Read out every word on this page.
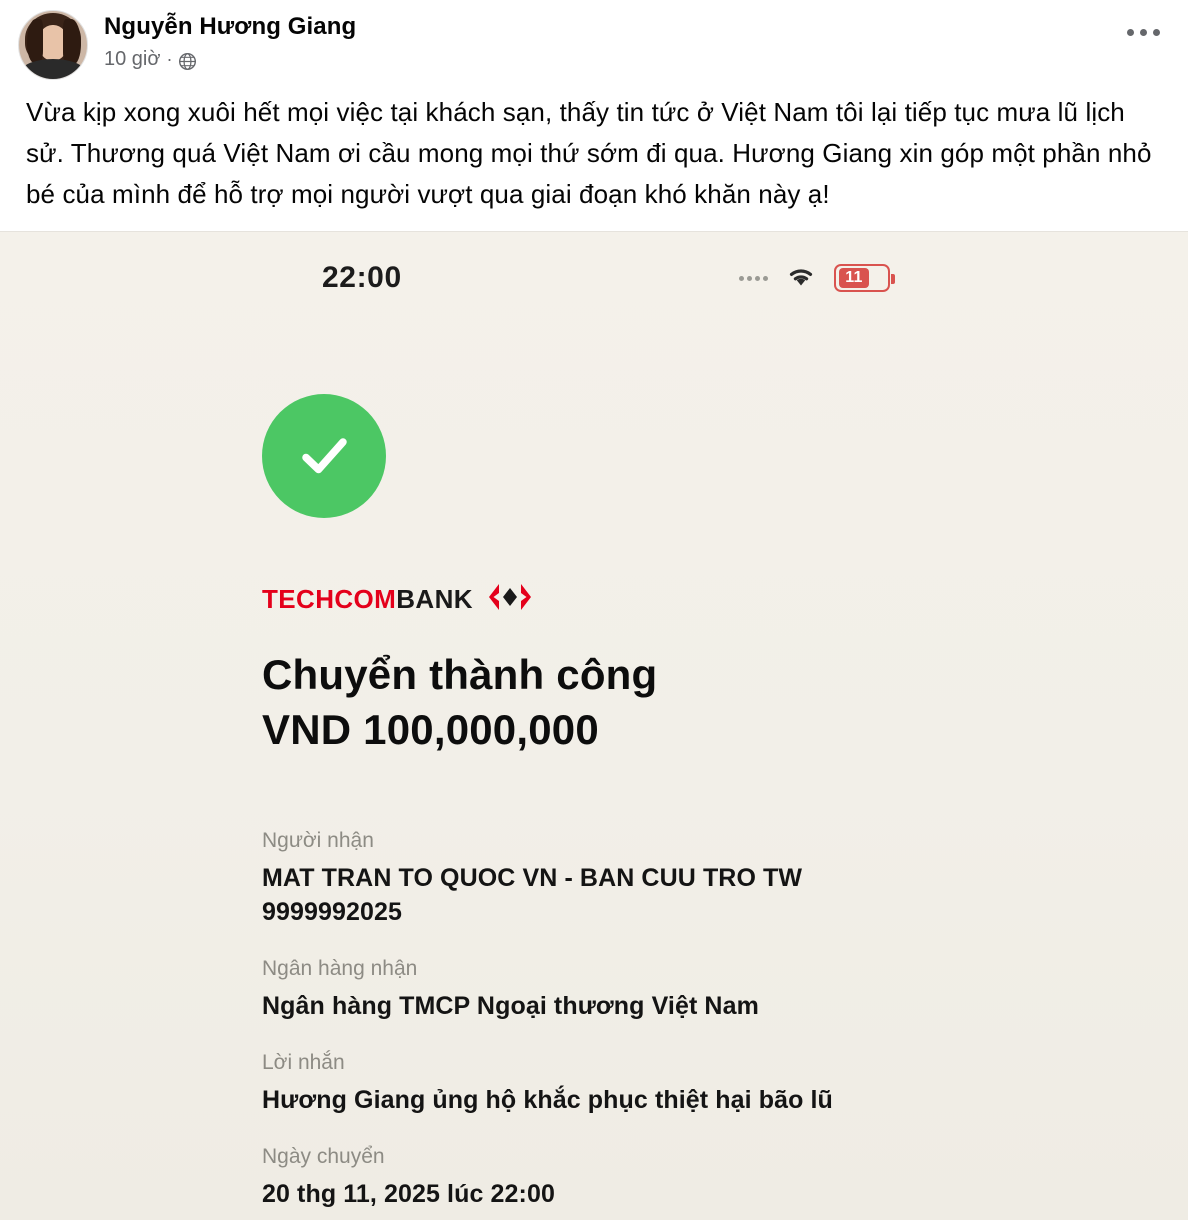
Nguyễn Hương Giang
10 giờ ·
Vừa kịp xong xuôi hết mọi việc tại khách sạn, thấy tin tức ở Việt Nam tôi lại tiếp tục mưa lũ lịch sử. Thương quá Việt Nam ơi cầu mong mọi thứ sớm đi qua. Hương Giang xin góp một phần nhỏ bé của mình để hỗ trợ mọi người vượt qua giai đoạn khó khăn này ạ!
22:00	11
TECHCOMBANK
Chuyển thành công
VND 100,000,000
Người nhận
MAT TRAN TO QUOC VN - BAN CUU TRO TW
9999992025
Ngân hàng nhận
Ngân hàng TMCP Ngoại thương Việt Nam
Lời nhắn
Hương Giang ủng hộ khắc phục thiệt hại bão lũ
Ngày chuyển
20 thg 11, 2025 lúc 22:00
